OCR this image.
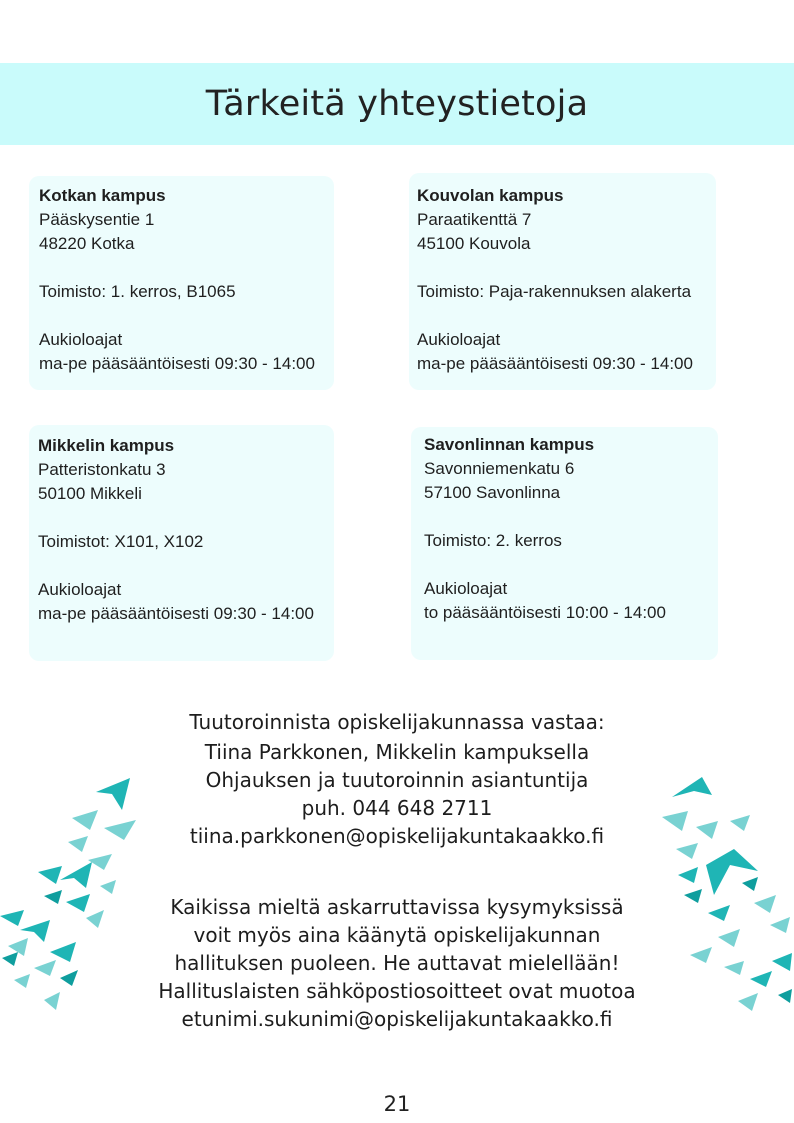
Tärkeitä yhteystietoja
Kotkan kampus
Pääskysentie 1
48220 Kotka
Toimisto: 1. kerros, B1065
Aukioloajat
ma-pe pääsääntöisesti 09:30 - 14:00
Kouvolan kampus
Paraatikenttä 7
45100 Kouvola
Toimisto: Paja-rakennuksen alakerta
Aukioloajat
ma-pe pääsääntöisesti 09:30 - 14:00
Mikkelin kampus
Patteristonkatu 3
50100 Mikkeli
Toimistot: X101, X102
Aukioloajat
ma-pe pääsääntöisesti 09:30 - 14:00
Savonlinnan kampus
Savonniemenkatu 6
57100 Savonlinna
Toimisto: 2. kerros
Aukioloajat
to pääsääntöisesti 10:00 - 14:00
Tuutoroinnista opiskelijakunnassa vastaa:
Tiina Parkkonen, Mikkelin kampuksella
Ohjauksen ja tuutoroinnin asiantuntija
puh. 044 648 2711
tiina.parkkonen@opiskelijakuntakaakko.fi
Kaikissa mieltä askarruttavissa kysymyksissä
voit myös aina käänytä opiskelijakunnan
hallituksen puoleen. He auttavat mielellään!
Hallituslaisten sähköpostiosoitteet ovat muotoa
etunimi.sukunimi@opiskelijakuntakaakko.fi
21
